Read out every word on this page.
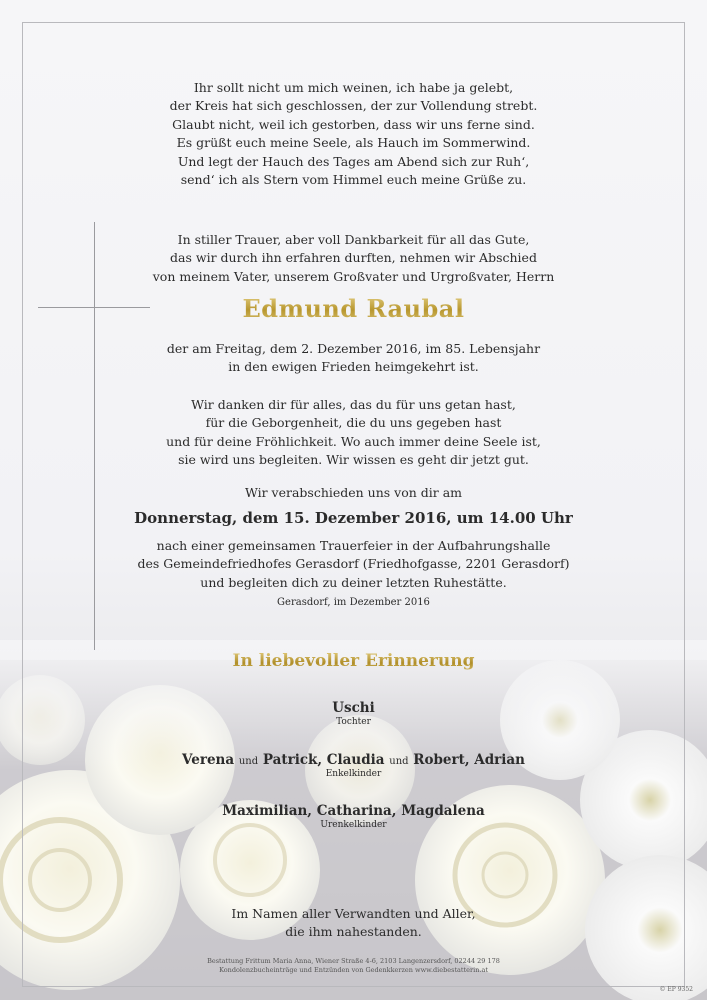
Ihr sollt nicht um mich weinen, ich habe ja gelebt,
der Kreis hat sich geschlossen, der zur Vollendung strebt.
Glaubt nicht, weil ich gestorben, dass wir uns ferne sind.
Es grüßt euch meine Seele, als Hauch im Sommerwind.
Und legt der Hauch des Tages am Abend sich zur Ruh‘,
send‘ ich als Stern vom Himmel euch meine Grüße zu.
In stiller Trauer, aber voll Dankbarkeit für all das Gute,
das wir durch ihn erfahren durften, nehmen wir Abschied
von meinem Vater, unserem Großvater und Urgroßvater, Herrn
Edmund Raubal
der am Freitag, dem 2. Dezember 2016, im 85. Lebensjahr
in den ewigen Frieden heimgekehrt ist.
Wir danken dir für alles, das du für uns getan hast,
für die Geborgenheit, die du uns gegeben hast
und für deine Fröhlichkeit. Wo auch immer deine Seele ist,
sie wird uns begleiten. Wir wissen es geht dir jetzt gut.
Wir verabschieden uns von dir am
Donnerstag, dem 15. Dezember 2016, um 14.00 Uhr
nach einer gemeinsamen Trauerfeier in der Aufbahrungshalle
des Gemeindefriedhofes Gerasdorf (Friedhofgasse, 2201 Gerasdorf)
und begleiten dich zu deiner letzten Ruhestätte.
Gerasdorf, im Dezember 2016
In liebevoller Erinnerung
Uschi
Tochter
Verena und Patrick, Claudia und Robert, Adrian
Enkelkinder
Maximilian, Catharina, Magdalena
Urenkelkinder
Im Namen aller Verwandten und Aller,
die ihm nahestanden.
Bestattung Frittum Maria Anna, Wiener Straße 4-6, 2103 Langenzersdorf, 02244 29 178
Kondolenzbucheinträge und Entzünden von Gedenkkerzen www.diebestatterin.at
© EP 9352
